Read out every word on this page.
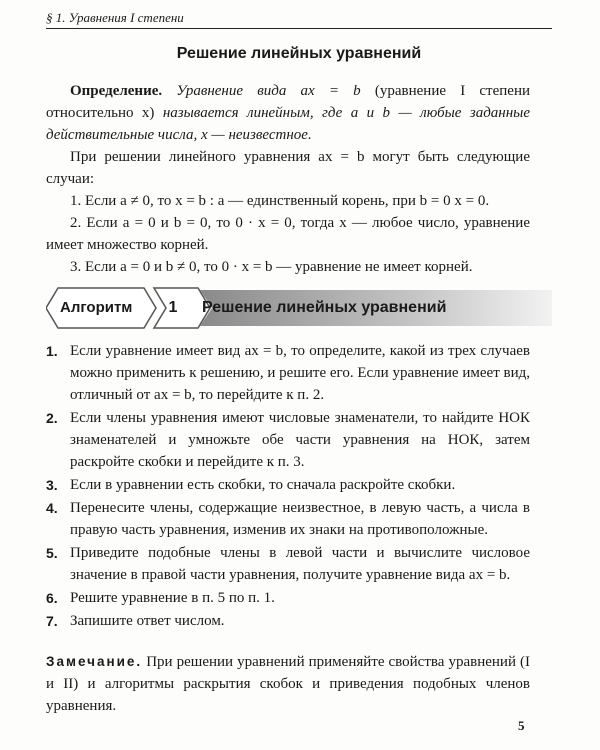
§ 1. Уравнения I степени
Решение линейных уравнений

Определение. Уравнение вида ax = b (уравнение I степени относительно x) называется линейным, где a и b — любые заданные действительные числа, x — неизвестное.

При решении линейного уравнения ax = b могут быть следующие случаи:

1. Если a ≠ 0, то x = b : a — единственный корень, при b = 0 x = 0.

2. Если a = 0 и b = 0, то 0 · x = 0, тогда x — любое число, уравнение имеет множество корней.

3. Если a = 0 и b ≠ 0, то 0 · x = b — уравнение не имеет корней.

Алгоритм	1	Решение линейных уравнений
1. Если уравнение имеет вид ax = b, то определите, какой из трех случаев можно применить к решению, и решите его. Если уравнение имеет вид, отличный от ax = b, то перейдите к п. 2.
2. Если члены уравнения имеют числовые знаменатели, то найдите НОК знаменателей и умножьте обе части уравнения на НОК, затем раскройте скобки и перейдите к п. 3.
3. Если в уравнении есть скобки, то сначала раскройте скобки.
4. Перенесите члены, содержащие неизвестное, в левую часть, а числа в правую часть уравнения, изменив их знаки на противоположные.
5. Приведите подобные члены в левой части и вычислите числовое значение в правой части уравнения, получите уравнение вида ax = b.
6. Решите уравнение в п. 5 по п. 1.
7. Запишите ответ числом.

Замечание. При решении уравнений применяйте свойства уравнений (I и II) и алгоритмы раскрытия скобок и приведения подобных членов уравнения.

5
